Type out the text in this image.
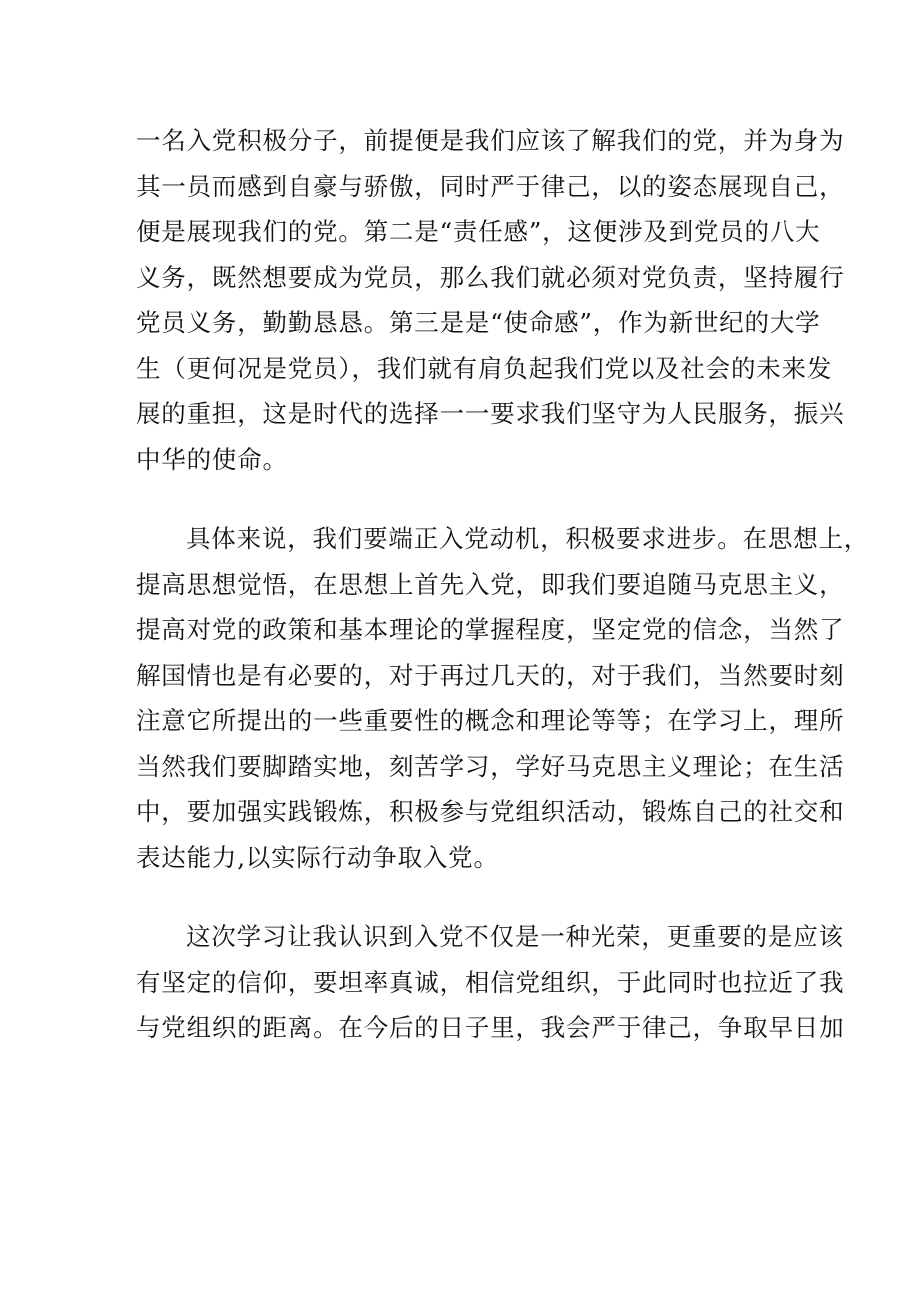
一名入党积极分子，前提便是我们应该了解我们的党，并为身为
其一员而感到自豪与骄傲，同时严于律己，以的姿态展现自己，
便是展现我们的党。第二是“责任感”，这便涉及到党员的八大
义务，既然想要成为党员，那么我们就必须对党负责，坚持履行
党员义务，勤勤恳恳。第三是是“使命感”，作为新世纪的大学
生（更何况是党员），我们就有肩负起我们党以及社会的未来发
展的重担，这是时代的选择一一要求我们坚守为人民服务，振兴
中华的使命。
具体来说，我们要端正入党动机，积极要求进步。在思想上，
提高思想觉悟，在思想上首先入党，即我们要追随马克思主义，
提高对党的政策和基本理论的掌握程度，坚定党的信念，当然了
解国情也是有必要的，对于再过几天的，对于我们，当然要时刻
注意它所提出的一些重要性的概念和理论等等；在学习上，理所
当然我们要脚踏实地，刻苦学习，学好马克思主义理论；在生活
中，要加强实践锻炼，积极参与党组织活动，锻炼自己的社交和
表达能力,以实际行动争取入党。
这次学习让我认识到入党不仅是一种光荣，更重要的是应该
有坚定的信仰，要坦率真诚，相信党组织，于此同时也拉近了我
与党组织的距离。在今后的日子里，我会严于律己，争取早日加
